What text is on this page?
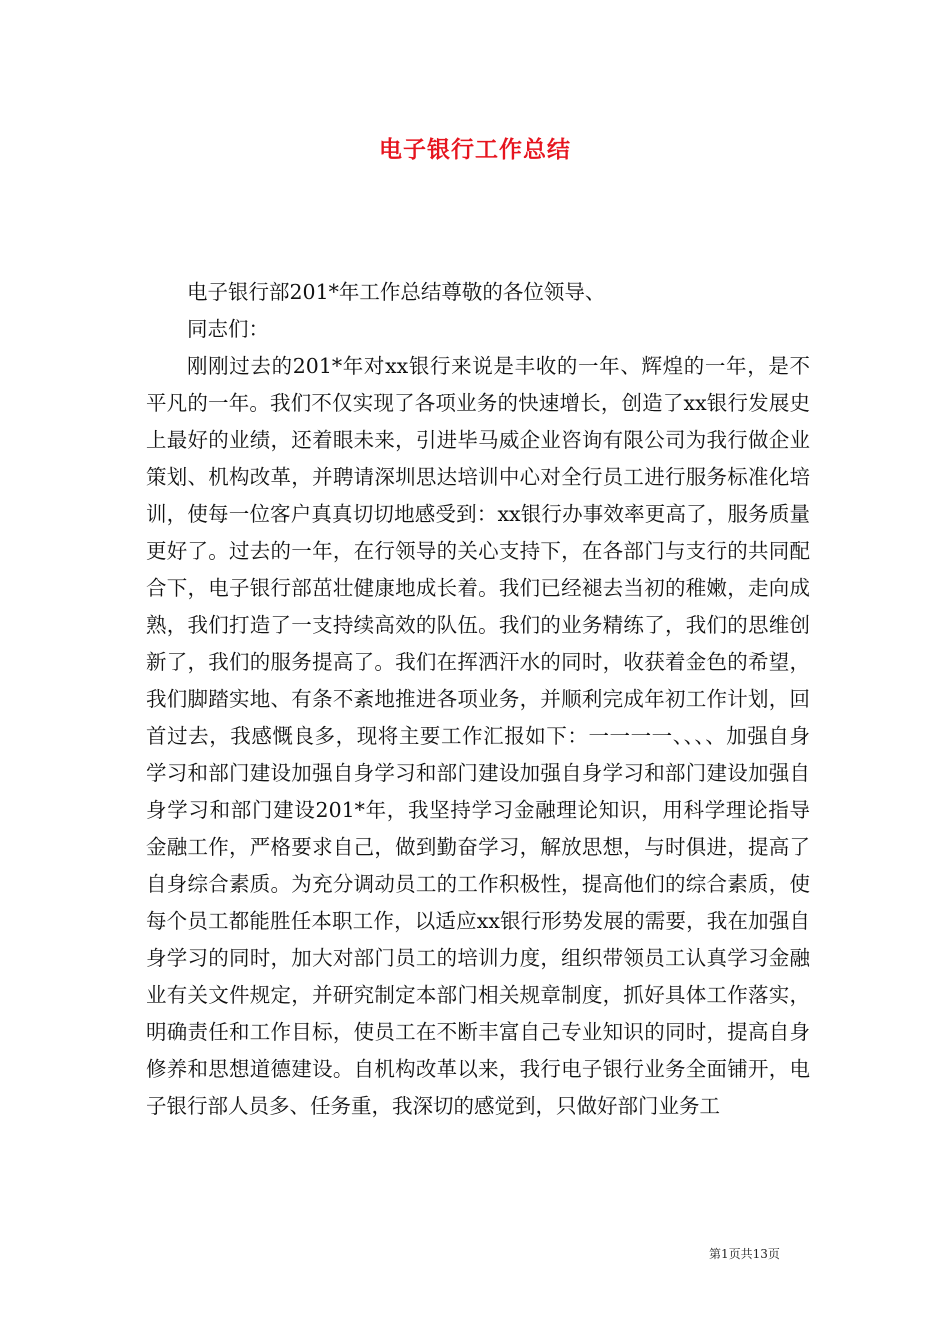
电子银行工作总结

电子银行部201*年工作总结尊敬的各位领导、

同志们：

刚刚过去的201*年对xx银行来说是丰收的一年、辉煌的一年，是不平凡的一年。我们不仅实现了各项业务的快速增长，创造了xx银行发展史上最好的业绩，还着眼未来，引进毕马威企业咨询有限公司为我行做企业策划、机构改革，并聘请深圳思达培训中心对全行员工进行服务标准化培训，使每一位客户真真切切地感受到：xx银行办事效率更高了，服务质量更好了。过去的一年，在行领导的关心支持下，在各部门与支行的共同配合下，电子银行部茁壮健康地成长着。我们已经褪去当初的稚嫩，走向成熟，我们打造了一支持续高效的队伍。我们的业务精练了，我们的思维创新了，我们的服务提高了。我们在挥洒汗水的同时，收获着金色的希望，我们脚踏实地、有条不紊地推进各项业务，并顺利完成年初工作计划，回首过去，我感慨良多，现将主要工作汇报如下：一一一一、、、、加强自身学习和部门建设加强自身学习和部门建设加强自身学习和部门建设加强自身学习和部门建设201*年，我坚持学习金融理论知识，用科学理论指导金融工作，严格要求自己，做到勤奋学习，解放思想，与时俱进，提高了自身综合素质。为充分调动员工的工作积极性，提高他们的综合素质，使每个员工都能胜任本职工作，以适应xx银行形势发展的需要，我在加强自身学习的同时，加大对部门员工的培训力度，组织带领员工认真学习金融业有关文件规定，并研究制定本部门相关规章制度，抓好具体工作落实，明确责任和工作目标，使员工在不断丰富自己专业知识的同时，提高自身修养和思想道德建设。自机构改革以来，我行电子银行业务全面铺开，电子银行部人员多、任务重，我深切的感觉到，只做好部门业务工

第1页共13页
